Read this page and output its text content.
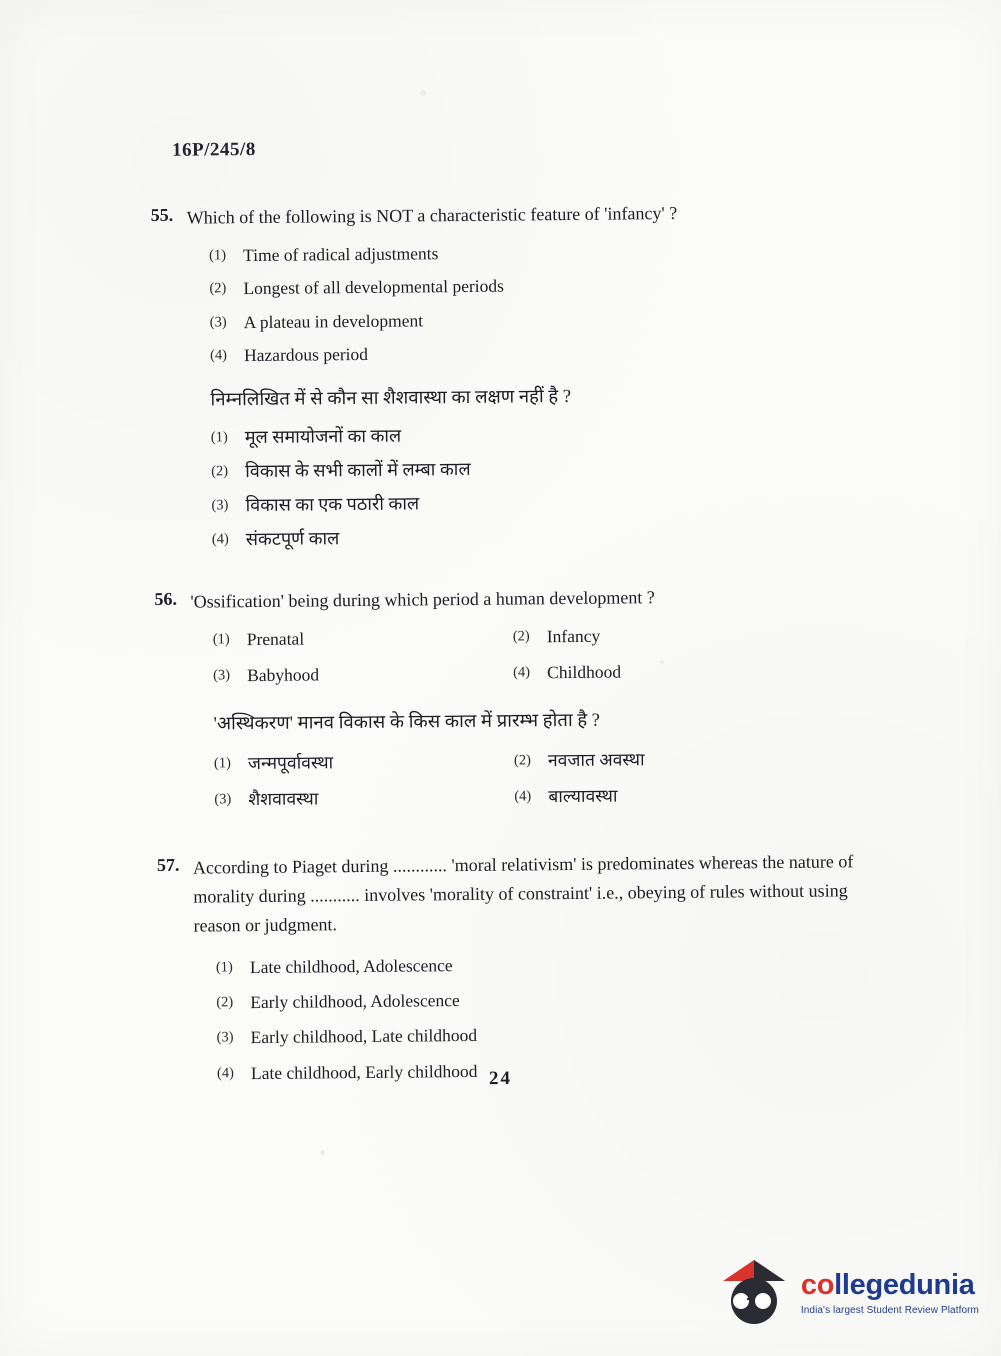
16P/245/8
55. Which of the following is NOT a characteristic feature of 'infancy' ?
(1) Time of radical adjustments
(2) Longest of all developmental periods
(3) A plateau in development
(4) Hazardous period
निम्नलिखित में से कौन सा शैशवास्था का लक्षण नहीं है ?
(1) मूल समायोजनों का काल
(2) विकास के सभी कालों में लम्बा काल
(3) विकास का एक पठारी काल
(4) संकटपूर्ण काल
56. 'Ossification' being during which period a human development ?
(1) Prenatal	(2) Infancy
(3) Babyhood	(4) Childhood
'अस्थिकरण' मानव विकास के किस काल में प्रारम्भ होता है ?
(1) जन्मपूर्वावस्था	(2) नवजात अवस्था
(3) शैशवावस्था	(4) बाल्यावस्था
57. According to Piaget during ............ 'moral relativism' is predominates whereas the nature of morality during ........... involves 'morality of constraint' i.e., obeying of rules without using reason or judgment.
(1) Late childhood, Adolescence
(2) Early childhood, Adolescence
(3) Early childhood, Late childhood
(4) Late childhood, Early childhood 24
collegedunia
India's largest Student Review Platform
